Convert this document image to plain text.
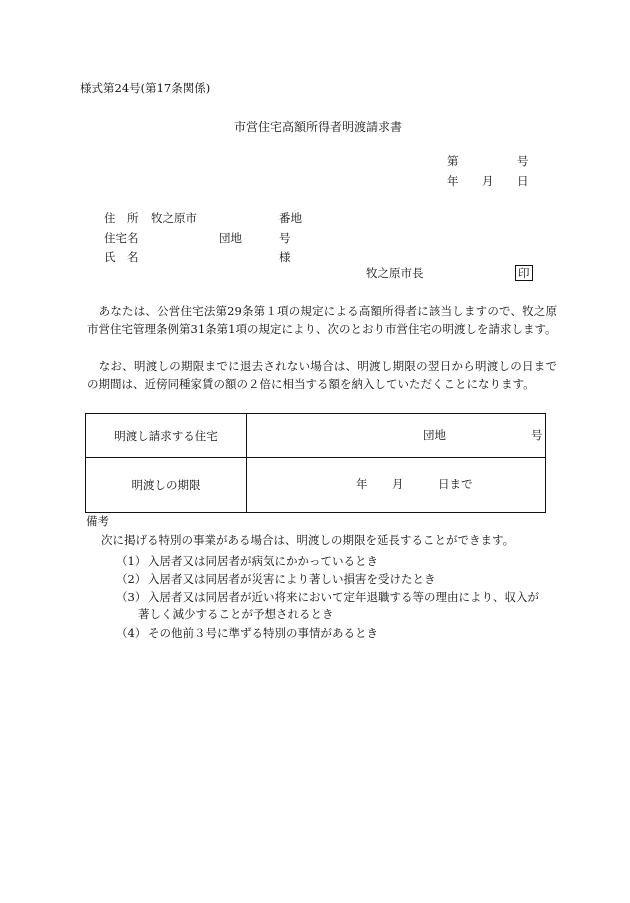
様式第24号(第17条関係)
市営住宅高額所得者明渡請求書
第	号
年 月 日
住　所 牧之原市	番地
住宅名	団地	号
氏　名	様
牧之原市長	印
　あなたは、公営住宅法第29条第１項の規定による高額所得者に該当しますので、牧之原市営住宅管理条例第31条第1項の規定により、次のとおり市営住宅の明渡しを請求します。
　なお、明渡しの期限までに退去されない場合は、明渡し期限の翌日から明渡しの日までの期間は、近傍同種家賃の額の２倍に相当する額を納入していただくことになります。
明渡し請求する住宅	団地 号

明渡しの期限	年 月 日まで
備考
次に掲げる特別の事業がある場合は、明渡しの期限を延長することができます。
（1） 入居者又は同居者が病気にかかっているとき
（2） 入居者又は同居者が災害により著しい損害を受けたとき
（3） 入居者又は同居者が近い将来において定年退職する等の理由により、収入が
著しく減少することが予想されるとき
（4） その他前３号に準ずる特別の事情があるとき
